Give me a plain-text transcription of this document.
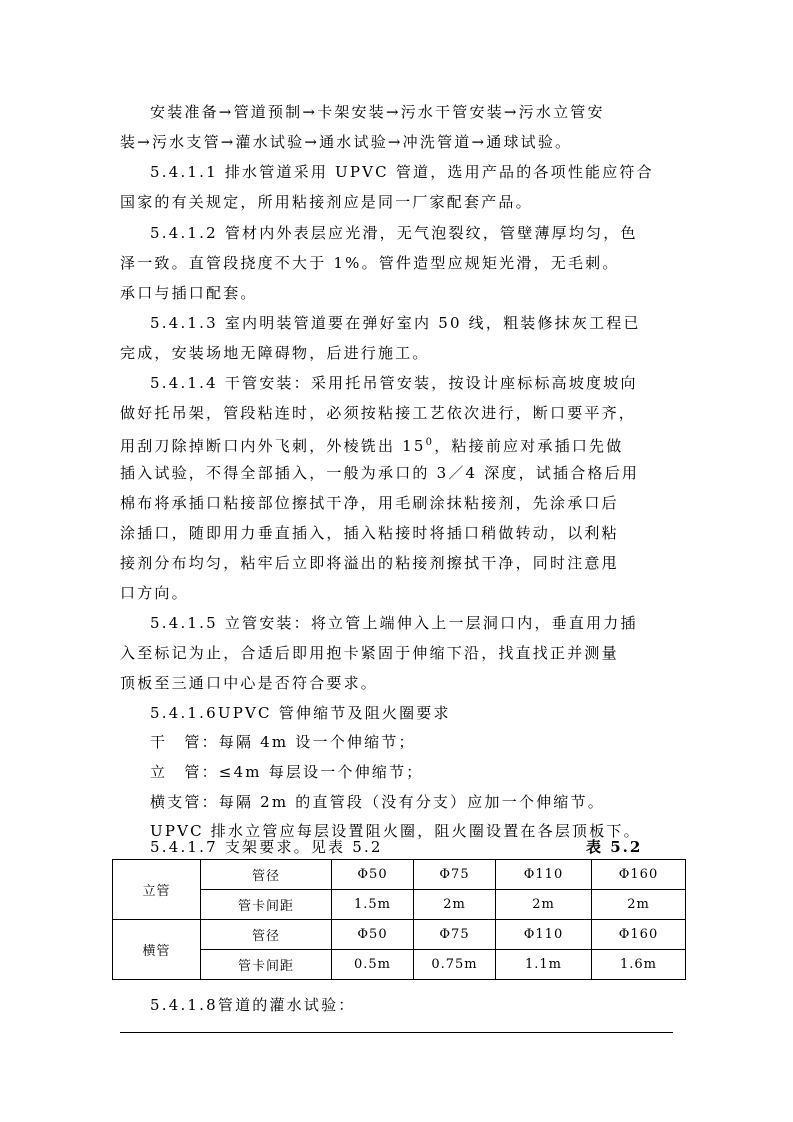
安装准备→管道预制→卡架安装→污水干管安装→污水立管安
装→污水支管→灌水试验→通水试验→冲洗管道→通球试验。
5.4.1.1 排水管道采用 UPVC 管道，选用产品的各项性能应符合
国家的有关规定，所用粘接剂应是同一厂家配套产品。
5.4.1.2 管材内外表层应光滑，无气泡裂纹，管壁薄厚均匀，色
泽一致。直管段挠度不大于 1%。管件造型应规矩光滑，无毛刺。
承口与插口配套。
5.4.1.3 室内明装管道要在弹好室内 50 线，粗装修抹灰工程已
完成，安装场地无障碍物，后进行施工。
5.4.1.4 干管安装：采用托吊管安装，按设计座标标高坡度坡向
做好托吊架，管段粘连时，必须按粘接工艺依次进行，断口要平齐，
用刮刀除掉断口内外飞刺，外棱铣出 $15^0$，粘接前应对承插口先做
插入试验，不得全部插入，一般为承口的 3／4 深度，试插合格后用
棉布将承插口粘接部位擦拭干净，用毛刷涂抹粘接剂，先涂承口后
涂插口，随即用力垂直插入，插入粘接时将插口稍做转动，以利粘
接剂分布均匀，粘牢后立即将溢出的粘接剂擦拭干净，同时注意甩
口方向。
5.4.1.5 立管安装：将立管上端伸入上一层洞口内，垂直用力插
入至标记为止，合适后即用抱卡紧固于伸缩下沿，找直找正并测量
顶板至三通口中心是否符合要求。
5.4.1.6UPVC 管伸缩节及阻火圈要求
干　管：每隔 4m 设一个伸缩节；
立　管：≤4m 每层设一个伸缩节；
横支管：每隔 2m 的直管段（没有分支）应加一个伸缩节。
UPVC 排水立管应每层设置阻火圈，阻火圈设置在各层顶板下。
5.4.1.7 支架要求。见表 5.2	表 5.2
立管	管径	Φ50	Φ75	Φ110	Φ160
	管卡间距	1.5m	2m	2m	2m
横管	管径	Φ50	Φ75	Φ110	Φ160
	管卡间距	0.5m	0.75m	1.1m	1.6m
5.4.1.8管道的灌水试验：
